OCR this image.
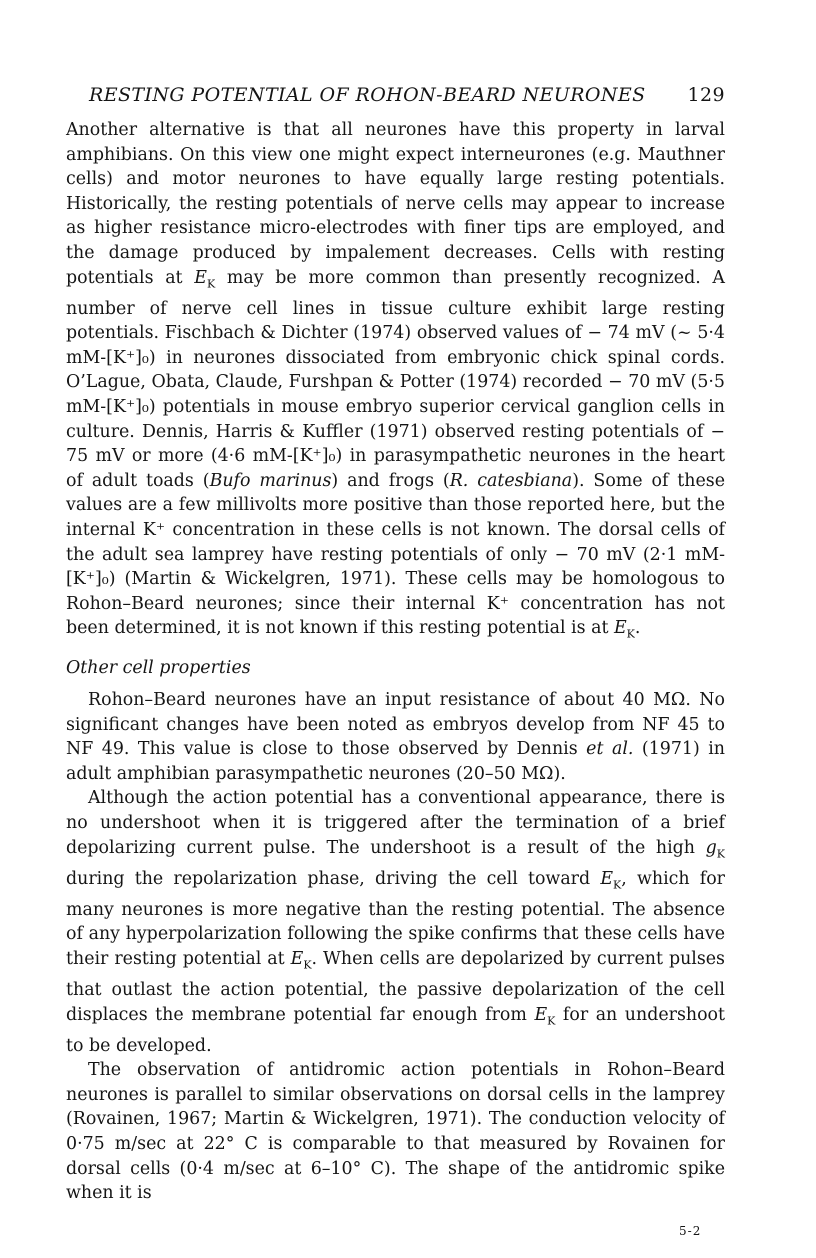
RESTING POTENTIAL OF ROHON-BEARD NEURONES 129

Another alternative is that all neurones have this property in larval amphibians. On this view one might expect interneurones (e.g. Mauthner cells) and motor neurones to have equally large resting potentials. Historically, the resting potentials of nerve cells may appear to increase as higher resistance micro-electrodes with finer tips are employed, and the damage produced by impalement decreases. Cells with resting potentials at $E_K$ may be more common than presently recognized. A number of nerve cell lines in tissue culture exhibit large resting potentials. Fischbach & Dichter (1974) observed values of − 74 mV (~ 5·4 mM-[K⁺]₀) in neurones dissociated from embryonic chick spinal cords. O’Lague, Obata, Claude, Furshpan & Potter (1974) recorded − 70 mV (5·5 mM-[K⁺]₀) potentials in mouse embryo superior cervical ganglion cells in culture. Dennis, Harris & Kuffler (1971) observed resting potentials of − 75 mV or more (4·6 mM-[K⁺]₀) in parasympathetic neurones in the heart of adult toads (Bufo marinus) and frogs (R. catesbiana). Some of these values are a few millivolts more positive than those reported here, but the internal K⁺ concentration in these cells is not known. The dorsal cells of the adult sea lamprey have resting potentials of only − 70 mV (2·1 mM-[K⁺]₀) (Martin & Wickelgren, 1971). These cells may be homologous to Rohon–Beard neurones; since their internal K⁺ concentration has not been determined, it is not known if this resting potential is at $E_K$.

Other cell properties

Rohon–Beard neurones have an input resistance of about 40 MΩ. No significant changes have been noted as embryos develop from NF 45 to NF 49. This value is close to those observed by Dennis et al. (1971) in adult amphibian parasympathetic neurones (20–50 MΩ).

Although the action potential has a conventional appearance, there is no undershoot when it is triggered after the termination of a brief depolarizing current pulse. The undershoot is a result of the high $g_K$ during the repolarization phase, driving the cell toward $E_K$, which for many neurones is more negative than the resting potential. The absence of any hyperpolarization following the spike confirms that these cells have their resting potential at $E_K$. When cells are depolarized by current pulses that outlast the action potential, the passive depolarization of the cell displaces the membrane potential far enough from $E_K$ for an undershoot to be developed.

The observation of antidromic action potentials in Rohon–Beard neurones is parallel to similar observations on dorsal cells in the lamprey (Rovainen, 1967; Martin & Wickelgren, 1971). The conduction velocity of 0·75 m/sec at 22° C is comparable to that measured by Rovainen for dorsal cells (0·4 m/sec at 6–10° C). The shape of the antidromic spike when it is

5-2
